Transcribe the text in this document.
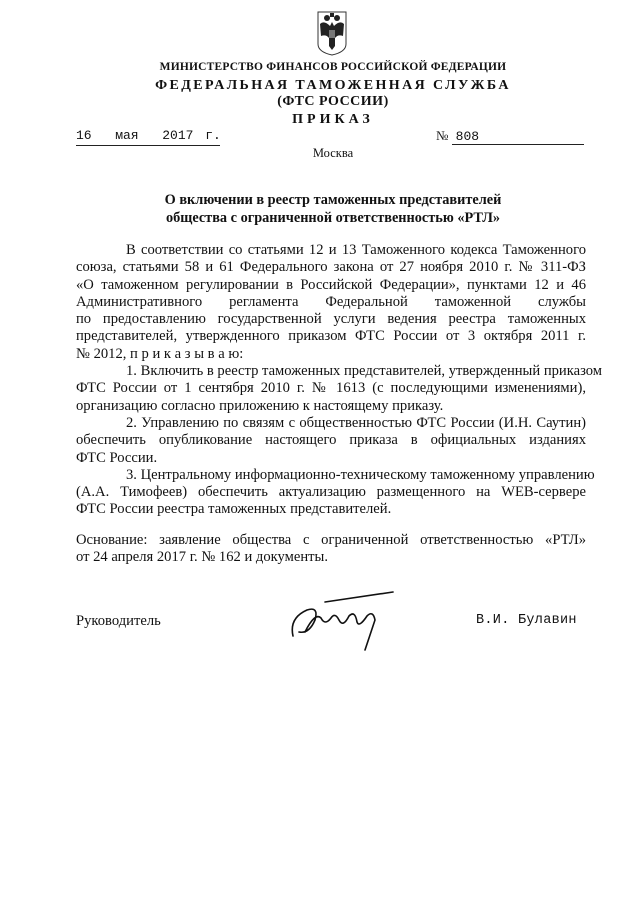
МИНИСТЕРСТВО ФИНАНСОВ РОССИЙСКОЙ ФЕДЕРАЦИИ
ФЕДЕРАЛЬНАЯ ТАМОЖЕННАЯ СЛУЖБА
(ФТС РОССИИ)
ПРИКАЗ
16  мая  2017 г.	№ 808
Москва
О включении в реестр таможенных представителей
общества с ограниченной ответственностью «РТЛ»
В соответствии со статьями 12 и 13 Таможенного кодекса Таможенного
союза, статьями 58 и 61 Федерального закона от 27 ноября 2010 г. № 311-ФЗ
«О таможенном регулировании в Российской Федерации», пунктами 12 и 46
Административного регламента Федеральной таможенной службы
по предоставлению государственной услуги ведения реестра таможенных
представителей, утвержденного приказом ФТС России от 3 октября 2011 г.
№ 2012, п р и к а з ы в а ю:
1. Включить в реестр таможенных представителей, утвержденный приказом
ФТС России от 1 сентября 2010 г. № 1613 (с последующими изменениями),
организацию согласно приложению к настоящему приказу.
2. Управлению по связям с общественностью ФТС России (И.Н. Саутин)
обеспечить опубликование настоящего приказа в официальных изданиях
ФТС России.
3. Центральному информационно-техническому таможенному управлению
(А.А. Тимофеев) обеспечить актуализацию размещенного на WEB-сервере
ФТС России реестра таможенных представителей.
Основание: заявление общества с ограниченной ответственностью «РТЛ»
от 24 апреля 2017 г. № 162 и документы.
Руководитель	В.И. Булавин
